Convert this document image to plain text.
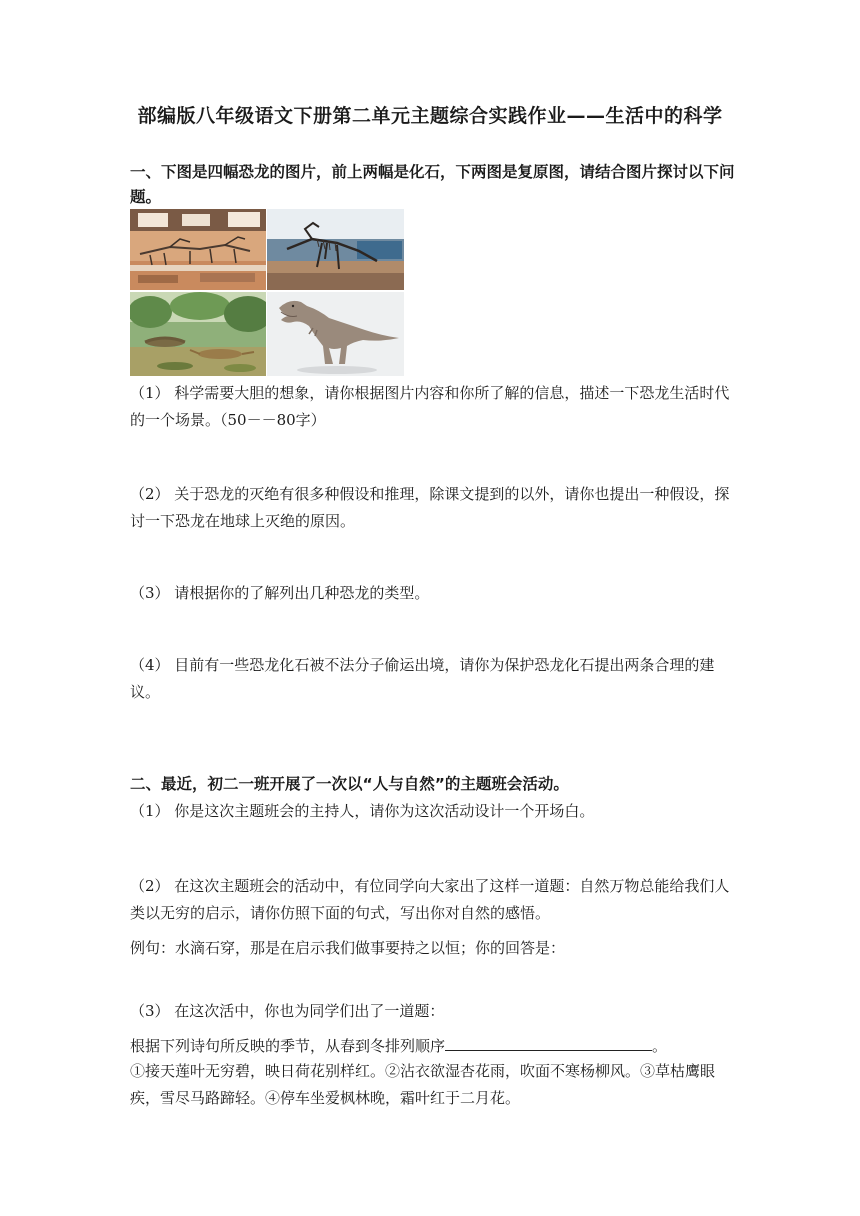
部编版八年级语文下册第二单元主题综合实践作业——生活中的科学
一、下图是四幅恐龙的图片，前上两幅是化石，下两图是复原图，请结合图片探讨以下问题。
（1） 科学需要大胆的想象，请你根据图片内容和你所了解的信息，描述一下恐龙生活时代的一个场景。（50－－80字）
（2） 关于恐龙的灭绝有很多种假设和推理，除课文提到的以外，请你也提出一种假设，探讨一下恐龙在地球上灭绝的原因。
（3） 请根据你的了解列出几种恐龙的类型。
（4） 目前有一些恐龙化石被不法分子偷运出境，请你为保护恐龙化石提出两条合理的建议。
二、最近，初二一班开展了一次以“人与自然”的主题班会活动。
（1） 你是这次主题班会的主持人，请你为这次活动设计一个开场白。
（2） 在这次主题班会的活动中，有位同学向大家出了这样一道题：自然万物总能给我们人类以无穷的启示，请你仿照下面的句式，写出你对自然的感悟。
例句：水滴石穿，那是在启示我们做事要持之以恒；你的回答是：
（3） 在这次活中，你也为同学们出了一道题：
根据下列诗句所反映的季节，从春到冬排列顺序	。
①接天莲叶无穷碧，映日荷花别样红。②沾衣欲湿杏花雨，吹面不寒杨柳风。③草枯鹰眼疾，雪尽马路蹄轻。④停车坐爱枫林晚，霜叶红于二月花。
